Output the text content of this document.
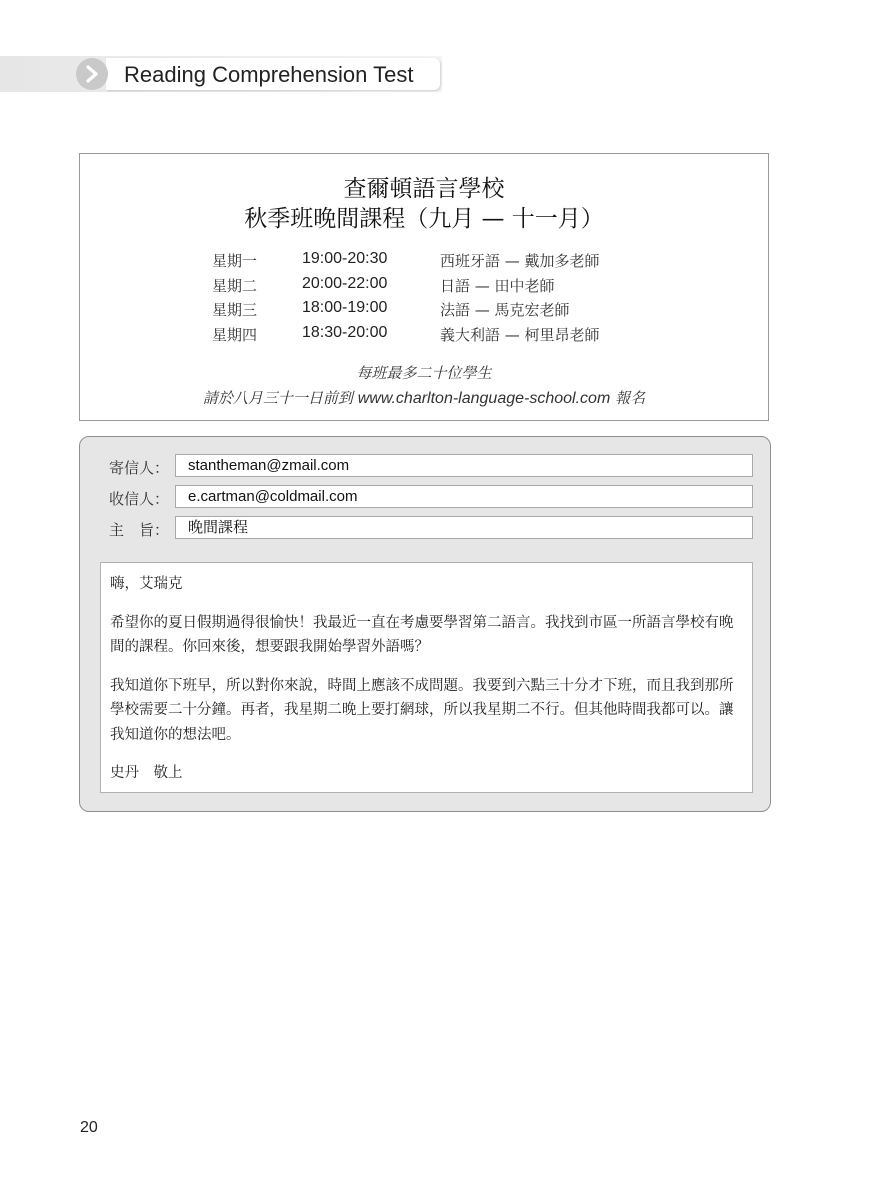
Reading Comprehension Test
查爾頓語言學校
秋季班晚間課程（九月 — 十一月）
星期一	19:00-20:30	西班牙語 — 戴加多老師
星期二	20:00-22:00	日語 — 田中老師
星期三	18:00-19:00	法語 — 馬克宏老師
星期四	18:30-20:00	義大利語 — 柯里昂老師
每班最多二十位學生
請於八月三十一日前到 www.charlton-language-school.com 報名
寄信人：	stantheman@zmail.com
收信人：	e.cartman@coldmail.com
主　旨：	晚間課程

嗨，艾瑞克

希望你的夏日假期過得很愉快！我最近一直在考慮要學習第二語言。我找到市區一所語言學校有晚間的課程。你回來後，想要跟我開始學習外語嗎？

我知道你下班早，所以對你來說，時間上應該不成問題。我要到六點三十分才下班，而且我到那所學校需要二十分鐘。再者，我星期二晚上要打網球，所以我星期二不行。但其他時間我都可以。讓我知道你的想法吧。

史丹　敬上

20
